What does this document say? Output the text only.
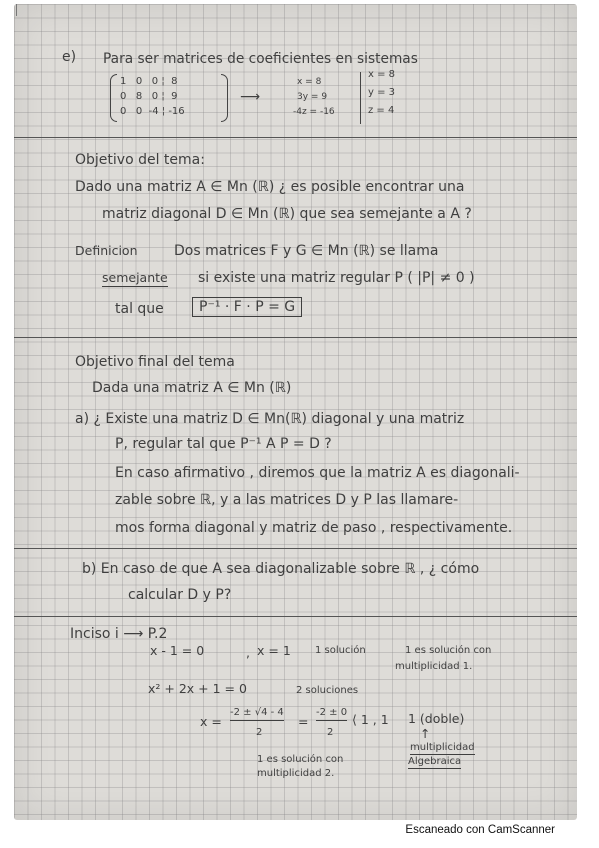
e) Para ser matrices de coeficientes en sistemas
1   0   0 ¦  8
0   8   0 ¦  9
0   0  -4 ¦ -16
⟶
x = 8
3y = 9
-4z = -16
x = 8
y = 3
z = 4
Objetivo del tema:
Dado una matriz A ∈ Mn (ℝ) ¿ es posible encontrar una
matriz diagonal D ∈ Mn (ℝ) que sea semejante a A ?
Definicion	Dos matrices F y G ∈ Mn (ℝ) se llama
semejante si existe una matriz regular P ( |P| ≠ 0 )
tal que	P⁻¹ · F · P = G
Objetivo final del tema
Dada una matriz A ∈ Mn (ℝ)
a) ¿ Existe una matriz D ∈ Mn(ℝ) diagonal y una matriz
P, regular tal que P⁻¹ A P = D ?
En caso afirmativo , diremos que la matriz A es diagonali-
zable sobre ℝ, y a las matrices D y P las llamare-
mos forma diagonal y matriz de paso , respectivamente.
b) En caso de que A sea diagonalizable sobre ℝ , ¿ cómo
calcular D y P?
Inciso i ⟶ P.2
x - 1 = 0	, x = 1 1 solución	1 es solución con
multiplicidad 1.
x² + 2x + 1 = 0	2 soluciones
x =
-2 ± √4 - 4
2
=
-2 ± 0
2
⟨ 1 , 1 1 (doble)
↑
multiplicidad
Algebraica
1 es solución con
multiplicidad 2.
Escaneado con CamScanner
